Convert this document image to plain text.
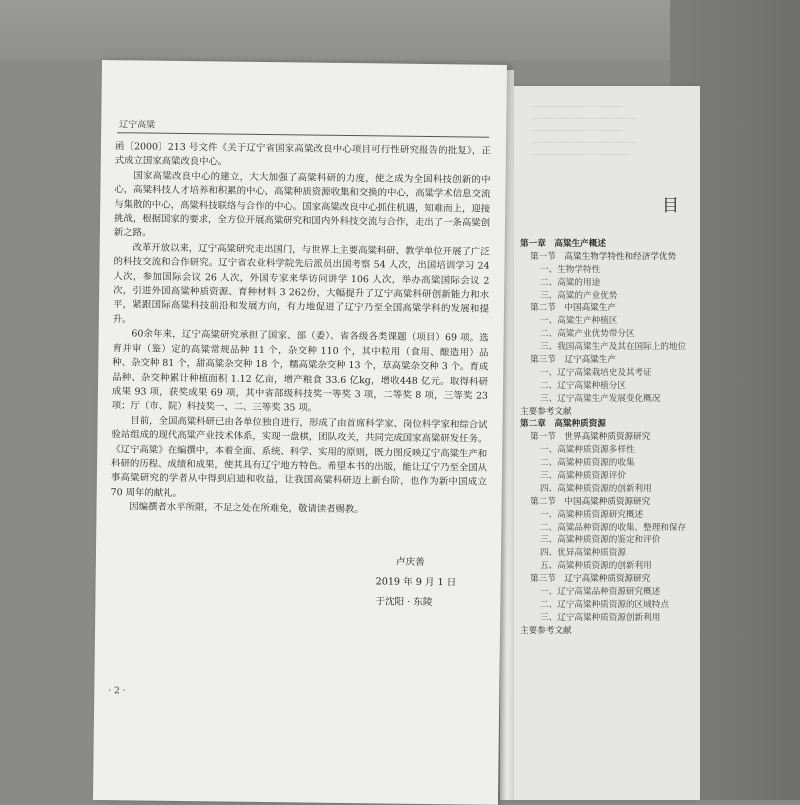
————————————
——————————————
————————————
——————————————
—————————————
目
第一章　高粱生产概述
第一节　高粱生物学特性和经济学优势
一、生物学特性
二、高粱的用途
三、高粱的产业优势
第二节　中国高粱生产
一、高粱生产种植区
二、高粱产业优势带分区
三、我国高粱生产及其在国际上的地位
第三节　辽宁高粱生产
一、辽宁高粱栽培史及其考证
二、辽宁高粱种植分区
三、辽宁高粱生产发展变化概况
主要参考文献
第二章　高粱种质资源
第一节　世界高粱种质资源研究
一、高粱种质资源多样性
二、高粱种质资源的收集
三、高粱种质资源评价
四、高粱种质资源的创新利用
第二节　中国高粱种质资源研究
一、高粱种质资源研究概述
二、高粱品种资源的收集、整理和保存
三、高粱种质资源的鉴定和评价
四、优异高粱种质资源
五、高粱种质资源的创新利用
第三节　辽宁高粱种质资源研究
一、辽宁高粱品种资源研究概述
二、辽宁高粱种质资源的区域特点
三、辽宁高粱种质资源创新利用
主要参考文献
辽宁高粱

函〔2000〕213 号文件《关于辽宁省国家高粱改良中心项目可行性研究报告的批复》，正式成立国家高粱改良中心。

国家高粱改良中心的建立，大大加强了高粱科研的力度，使之成为全国科技创新的中心，高粱科技人才培养和积累的中心，高粱种质资源收集和交换的中心，高粱学术信息交流与集散的中心，高粱科技联络与合作的中心。国家高粱改良中心抓住机遇，知难而上，迎接挑战，根据国家的要求，全方位开展高粱研究和国内外科技交流与合作，走出了一条高粱创新之路。

改革开放以来，辽宁高粱研究走出国门，与世界上主要高粱科研、教学单位开展了广泛的科技交流和合作研究。辽宁省农业科学院先后派员出国考察 54 人次，出国培训学习 24 人次，参加国际会议 26 人次，外国专家来华访问讲学 106 人次，举办高粱国际会议 2 次，引进外国高粱种质资源、育种材料 3 262份，大幅提升了辽宁高粱科研创新能力和水平，紧跟国际高粱科技前沿和发展方向，有力地促进了辽宁乃至全国高粱学科的发展和提升。

60余年来，辽宁高粱研究承担了国家、部（委）、省各级各类课题（项目）69 项。选育并审（鉴）定的高粱常规品种 11 个，杂交种 110 个，其中粒用（食用、酿造用）品种、杂交种 81 个，甜高粱杂交种 18 个，糯高粱杂交种 13 个，草高粱杂交种 3 个。育成品种、杂交种累计种植面积 1.12 亿亩，增产粮食 33.6 亿kg，增收448 亿元。取得科研成果 93 项，获奖成果 69 项，其中省部级科技奖一等奖 3 项，二等奖 8 项，三等奖 23 项；厅（市、院）科技奖一、二、三等奖 35 项。

目前，全国高粱科研已由各单位独自进行，形成了由首席科学家、岗位科学家和综合试验站组成的现代高粱产业技术体系，实现一盘棋，团队攻关，共同完成国家高粱研发任务。《辽宁高粱》在编撰中，本着全面、系统、科学、实用的原则，既力图反映辽宁高粱生产和科研的历程、成绩和成果，使其具有辽宁地方特色。希望本书的出版，能让辽宁乃至全国从事高粱研究的学者从中得到启迪和收益，让我国高粱科研迈上新台阶，也作为新中国成立 70 周年的献礼。

因编撰者水平所限，不足之处在所难免，敬请读者赐教。

卢庆善
2019 年 9 月 1 日
于沈阳 · 东陵
· 2 ·
